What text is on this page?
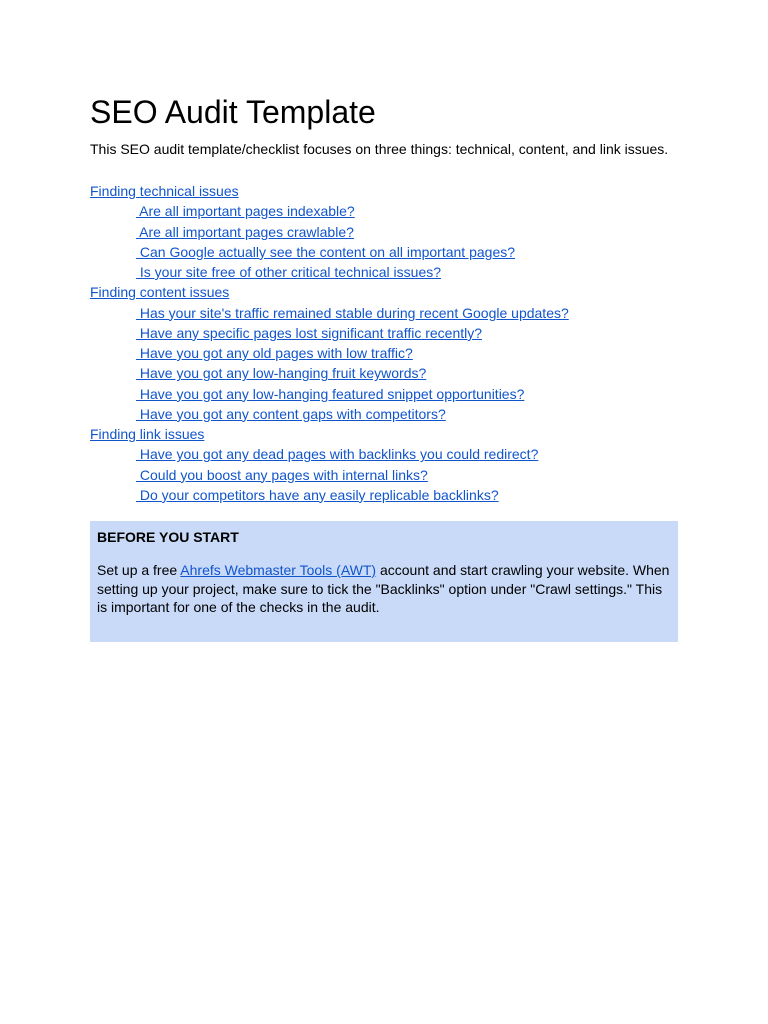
SEO Audit Template

This SEO audit template/checklist focuses on three things: technical, content, and link issues.

Finding technical issues
Are all important pages indexable?
Are all important pages crawlable?
Can Google actually see the content on all important pages?
Is your site free of other critical technical issues?
Finding content issues
Has your site's traffic remained stable during recent Google updates?
Have any specific pages lost significant traffic recently?
Have you got any old pages with low traffic?
Have you got any low-hanging fruit keywords?
Have you got any low-hanging featured snippet opportunities?
Have you got any content gaps with competitors?
Finding link issues
Have you got any dead pages with backlinks you could redirect?
Could you boost any pages with internal links?
Do your competitors have any easily replicable backlinks?

BEFORE YOU START

Set up a free Ahrefs Webmaster Tools (AWT) account and start crawling your website. When setting up your project, make sure to tick the "Backlinks" option under "Crawl settings." This is important for one of the checks in the audit.
